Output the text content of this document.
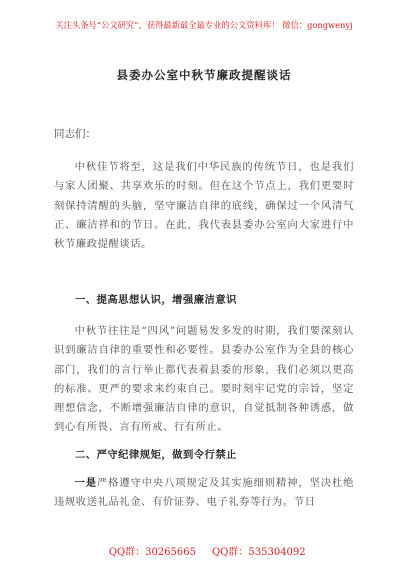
关注头条号“公文研究”，获得最新最全最专业的公文资料库！ 微信：gongwenyj
县委办公室中秋节廉政提醒谈话
同志们：
中秋佳节将至，这是我们中华民族的传统节日，也是我们与家人团聚、共享欢乐的时刻。但在这个节点上，我们更要时刻保持清醒的头脑，坚守廉洁自律的底线，确保过一个风清气正、廉洁祥和的节日。在此，我代表县委办公室向大家进行中秋节廉政提醒谈话。
一、提高思想认识，增强廉洁意识
中秋节往往是“四风”问题易发多发的时期，我们要深刻认识到廉洁自律的重要性和必要性。县委办公室作为全县的核心部门，我们的言行举止都代表着县委的形象，我们必须以更高的标准、更严的要求来约束自己。要时刻牢记党的宗旨，坚定理想信念，不断增强廉洁自律的意识，自觉抵制各种诱惑，做到心有所畏、言有所戒、行有所止。
二、严守纪律规矩，做到令行禁止
一是严格遵守中央八项规定及其实施细则精神，坚决杜绝违规收送礼品礼金、有价证券、电子礼券等行为。节日

QQ群：30265665 QQ群：535304092
